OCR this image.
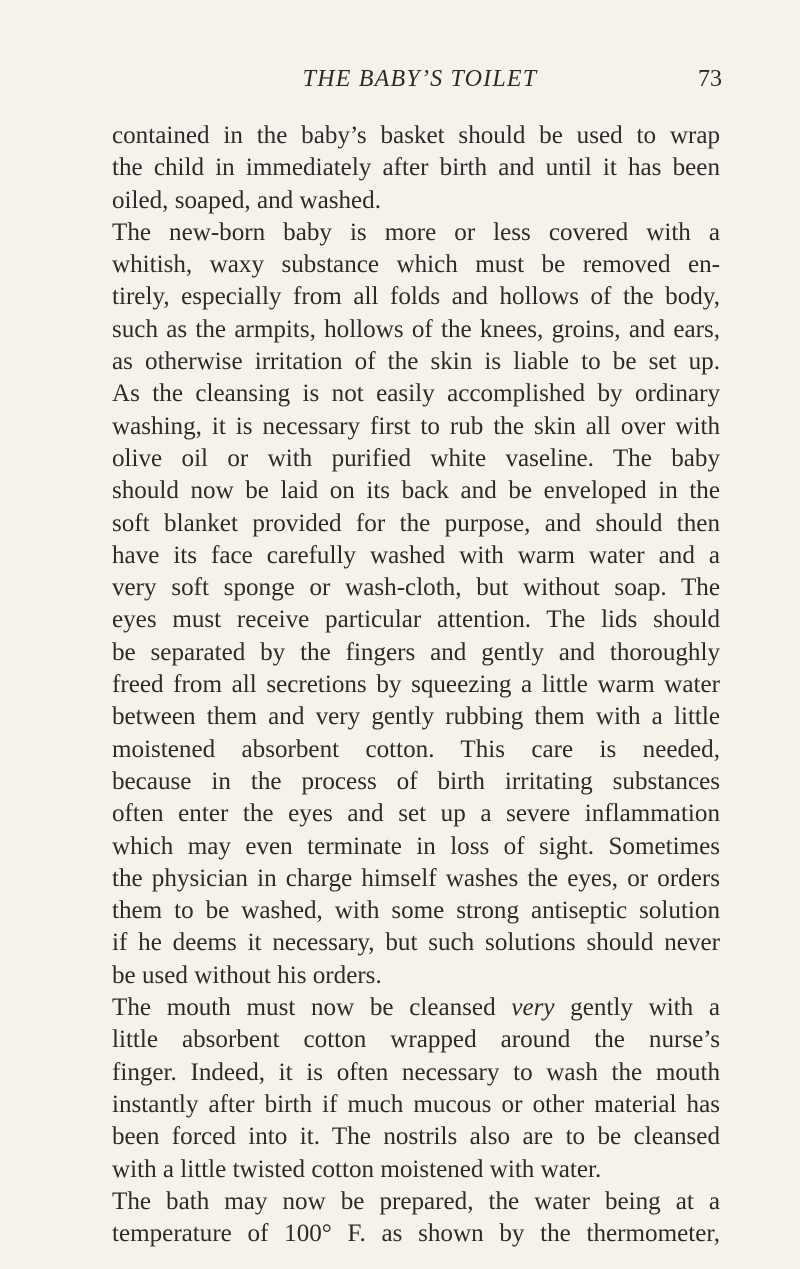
THE BABY’S TOILET	73
contained in the baby’s basket should be used to wrap
the child in immediately after birth and until it has been
oiled, soaped, and washed.
The new-born baby is more or less covered with a
whitish, waxy substance which must be removed en-
tirely, especially from all folds and hollows of the body,
such as the armpits, hollows of the knees, groins, and ears,
as otherwise irritation of the skin is liable to be set up.
As the cleansing is not easily accomplished by ordinary
washing, it is necessary first to rub the skin all over with
olive oil or with purified white vaseline. The baby
should now be laid on its back and be enveloped in the
soft blanket provided for the purpose, and should then
have its face carefully washed with warm water and a
very soft sponge or wash-cloth, but without soap. The
eyes must receive particular attention. The lids should
be separated by the fingers and gently and thoroughly
freed from all secretions by squeezing a little warm water
between them and very gently rubbing them with a little
moistened absorbent cotton. This care is needed,
because in the process of birth irritating substances
often enter the eyes and set up a severe inflammation
which may even terminate in loss of sight. Sometimes
the physician in charge himself washes the eyes, or orders
them to be washed, with some strong antiseptic solution
if he deems it necessary, but such solutions should never
be used without his orders.
The mouth must now be cleansed very gently with a
little absorbent cotton wrapped around the nurse’s
finger. Indeed, it is often necessary to wash the mouth
instantly after birth if much mucous or other material has
been forced into it. The nostrils also are to be cleansed
with a little twisted cotton moistened with water.
The bath may now be prepared, the water being at a
temperature of 100° F. as shown by the thermometer,
